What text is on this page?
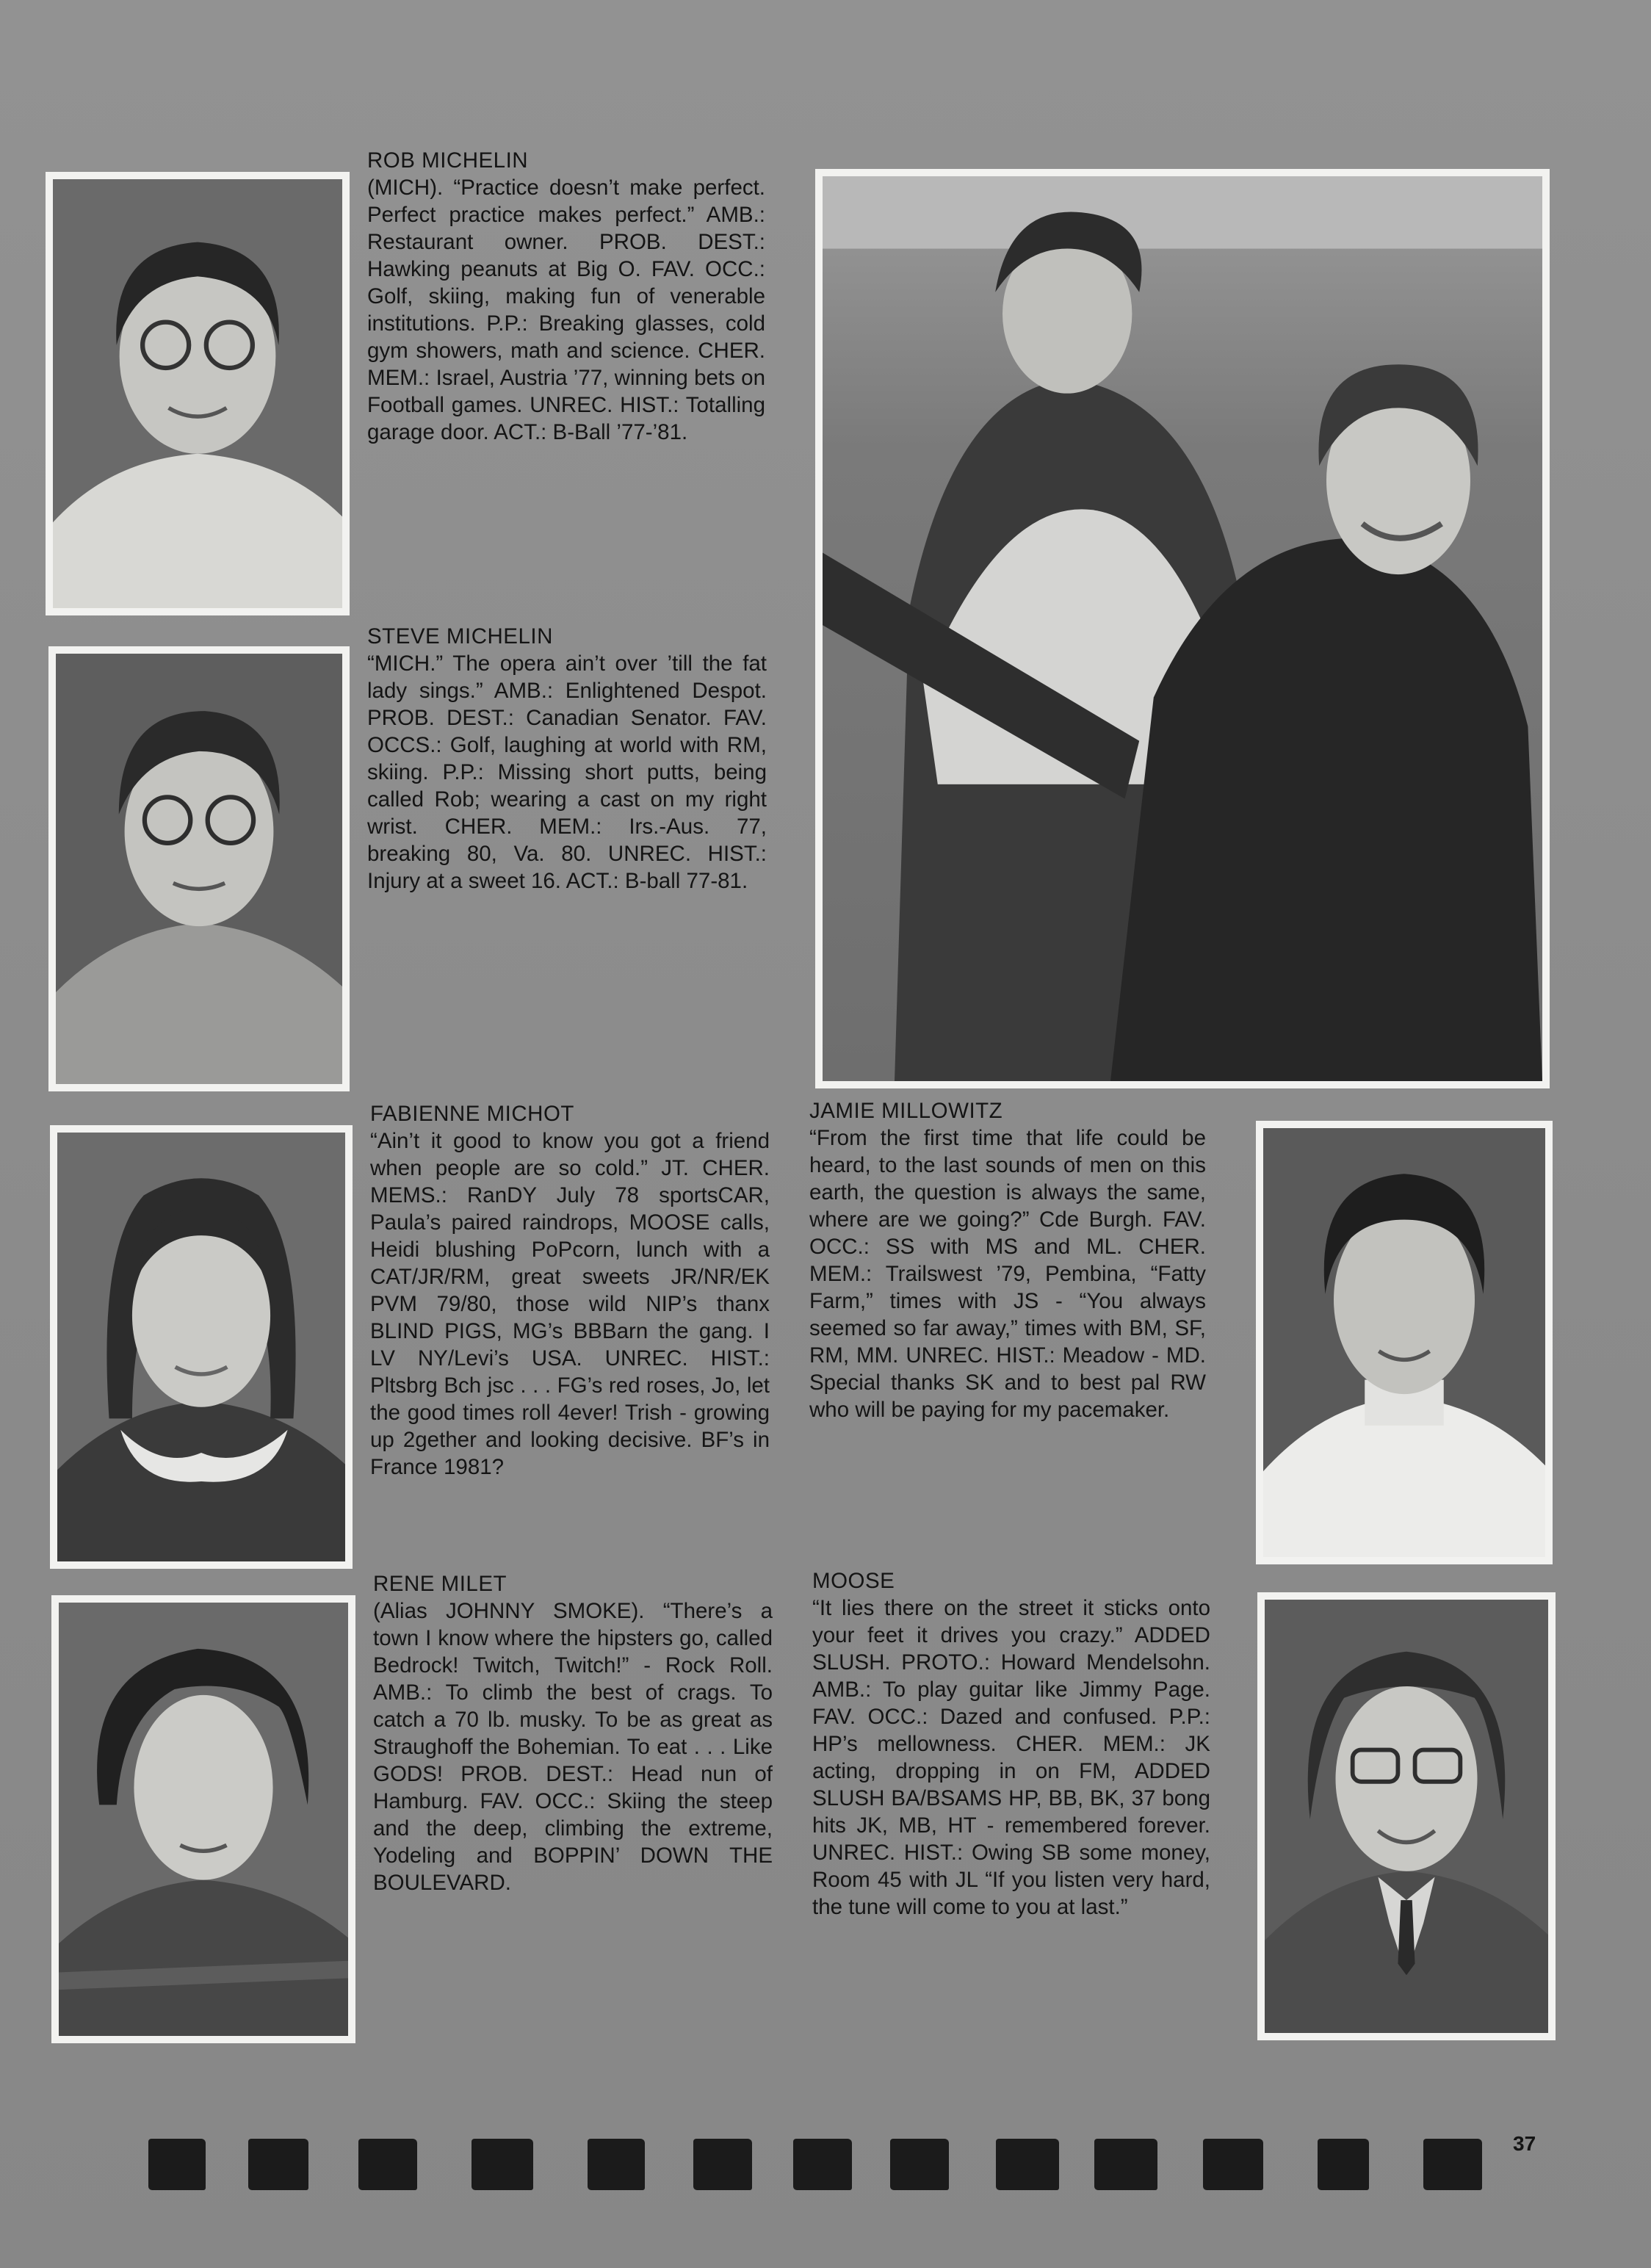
ROB MICHELIN
(MICH). “Practice doesn’t make perfect. Perfect practice makes perfect.” AMB.: Restaurant owner. PROB. DEST.: Hawking peanuts at Big O. FAV. OCC.: Golf, skiing, making fun of venerable institutions. P.P.: Breaking glasses, cold gym showers, math and science. CHER. MEM.: Israel, Austria ’77, winning bets on Football games. UNREC. HIST.: Totalling garage door. ACT.: B-Ball ’77-’81.
STEVE MICHELIN
“MICH.” The opera ain’t over ’till the fat lady sings.” AMB.: Enlightened Despot. PROB. DEST.: Canadian Senator. FAV. OCCS.: Golf, laughing at world with RM, skiing. P.P.: Missing short putts, being called Rob; wearing a cast on my right wrist. CHER. MEM.: Irs.-Aus. 77, breaking 80, Va. 80. UNREC. HIST.: Injury at a sweet 16. ACT.: B-ball 77-81.
FABIENNE MICHOT
“Ain’t it good to know you got a friend when people are so cold.” JT. CHER. MEMS.: RanDY July 78 sportsCAR, Paula’s paired raindrops, MOOSE calls, Heidi blushing PoPcorn, lunch with a CAT/JR/RM, great sweets JR/NR/EK PVM 79/80, those wild NIP’s thanx BLIND PIGS, MG’s BBBarn the gang. I LV NY/Levi’s USA. UNREC. HIST.: Pltsbrg Bch jsc . . . FG’s red roses, Jo, let the good times roll 4ever! Trish - growing up 2gether and looking decisive. BF’s in France 1981?
JAMIE MILLOWITZ
“From the first time that life could be heard, to the last sounds of men on this earth, the question is always the same, where are we going?” Cde Burgh. FAV. OCC.: SS with MS and ML. CHER. MEM.: Trailswest ’79, Pembina, “Fatty Farm,” times with JS - “You always seemed so far away,” times with BM, SF, RM, MM. UNREC. HIST.: Meadow - MD. Special thanks SK and to best pal RW who will be paying for my pacemaker.
RENE MILET
(Alias JOHNNY SMOKE). “There’s a town I know where the hipsters go, called Bedrock! Twitch, Twitch!” - Rock Roll. AMB.: To climb the best of crags. To catch a 70 lb. musky. To be as great as Straughoff the Bohemian. To eat . . . Like GODS! PROB. DEST.: Head nun of Hamburg. FAV. OCC.: Skiing the steep and the deep, climbing the extreme, Yodeling and BOPPIN’ DOWN THE BOULEVARD.
MOOSE
“It lies there on the street it sticks onto your feet it drives you crazy.” ADDED SLUSH. PROTO.: Howard Mendelsohn. AMB.: To play guitar like Jimmy Page. FAV. OCC.: Dazed and confused. P.P.: HP’s mellowness. CHER. MEM.: JK acting, dropping in on FM, ADDED SLUSH BA/BSAMS HP, BB, BK, 37 bong hits JK, MB, HT - remembered forever. UNREC. HIST.: Owing SB some money, Room 45 with JL “If you listen very hard, the tune will come to you at last.”
37
